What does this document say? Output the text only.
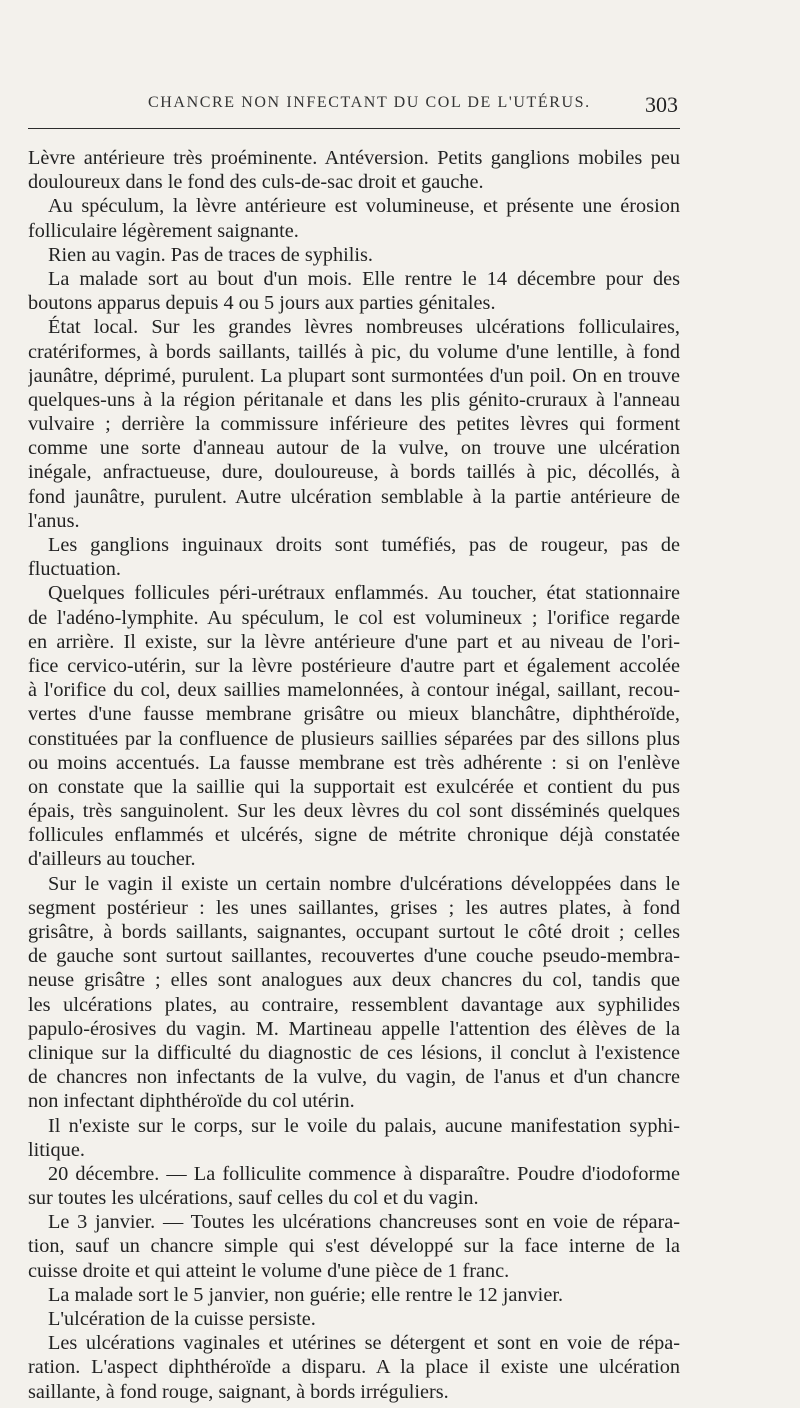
CHANCRE NON INFECTANT DU COL DE L'UTÉRUS. 303
Lèvre antérieure très proéminente. Antéversion. Petits ganglions mobiles peu
douloureux dans le fond des culs-de-sac droit et gauche.
Au spéculum, la lèvre antérieure est volumineuse, et présente une érosion
folliculaire légèrement saignante.
Rien au vagin. Pas de traces de syphilis.
La malade sort au bout d'un mois. Elle rentre le 14 décembre pour des
boutons apparus depuis 4 ou 5 jours aux parties génitales.
État local. Sur les grandes lèvres nombreuses ulcérations folliculaires,
cratériformes, à bords saillants, taillés à pic, du volume d'une lentille, à fond
jaunâtre, déprimé, purulent. La plupart sont surmontées d'un poil. On en trouve
quelques-uns à la région péritanale et dans les plis génito-cruraux à l'anneau
vulvaire ; derrière la commissure inférieure des petites lèvres qui forment
comme une sorte d'anneau autour de la vulve, on trouve une ulcération
inégale, anfractueuse, dure, douloureuse, à bords taillés à pic, décollés, à
fond jaunâtre, purulent. Autre ulcération semblable à la partie antérieure de
l'anus.
Les ganglions inguinaux droits sont tuméfiés, pas de rougeur, pas de
fluctuation.
Quelques follicules péri-urétraux enflammés. Au toucher, état stationnaire
de l'adéno-lymphite. Au spéculum, le col est volumineux ; l'orifice regarde
en arrière. Il existe, sur la lèvre antérieure d'une part et au niveau de l'ori-
fice cervico-utérin, sur la lèvre postérieure d'autre part et également accolée
à l'orifice du col, deux saillies mamelonnées, à contour inégal, saillant, recou-
vertes d'une fausse membrane grisâtre ou mieux blanchâtre, diphthéroïde,
constituées par la confluence de plusieurs saillies séparées par des sillons plus
ou moins accentués. La fausse membrane est très adhérente : si on l'enlève
on constate que la saillie qui la supportait est exulcérée et contient du pus
épais, très sanguinolent. Sur les deux lèvres du col sont disséminés quelques
follicules enflammés et ulcérés, signe de métrite chronique déjà constatée
d'ailleurs au toucher.
Sur le vagin il existe un certain nombre d'ulcérations développées dans le
segment postérieur : les unes saillantes, grises ; les autres plates, à fond
grisâtre, à bords saillants, saignantes, occupant surtout le côté droit ; celles
de gauche sont surtout saillantes, recouvertes d'une couche pseudo-membra-
neuse grisâtre ; elles sont analogues aux deux chancres du col, tandis que
les ulcérations plates, au contraire, ressemblent davantage aux syphilides
papulo-érosives du vagin. M. Martineau appelle l'attention des élèves de la
clinique sur la difficulté du diagnostic de ces lésions, il conclut à l'existence
de chancres non infectants de la vulve, du vagin, de l'anus et d'un chancre
non infectant diphthéroïde du col utérin.
Il n'existe sur le corps, sur le voile du palais, aucune manifestation syphi-
litique.
20 décembre. — La folliculite commence à disparaître. Poudre d'iodoforme
sur toutes les ulcérations, sauf celles du col et du vagin.
Le 3 janvier. — Toutes les ulcérations chancreuses sont en voie de répara-
tion, sauf un chancre simple qui s'est développé sur la face interne de la
cuisse droite et qui atteint le volume d'une pièce de 1 franc.
La malade sort le 5 janvier, non guérie; elle rentre le 12 janvier.
L'ulcération de la cuisse persiste.
Les ulcérations vaginales et utérines se détergent et sont en voie de répa-
ration. L'aspect diphthéroïde a disparu. A la place il existe une ulcération
saillante, à fond rouge, saignant, à bords irréguliers.
